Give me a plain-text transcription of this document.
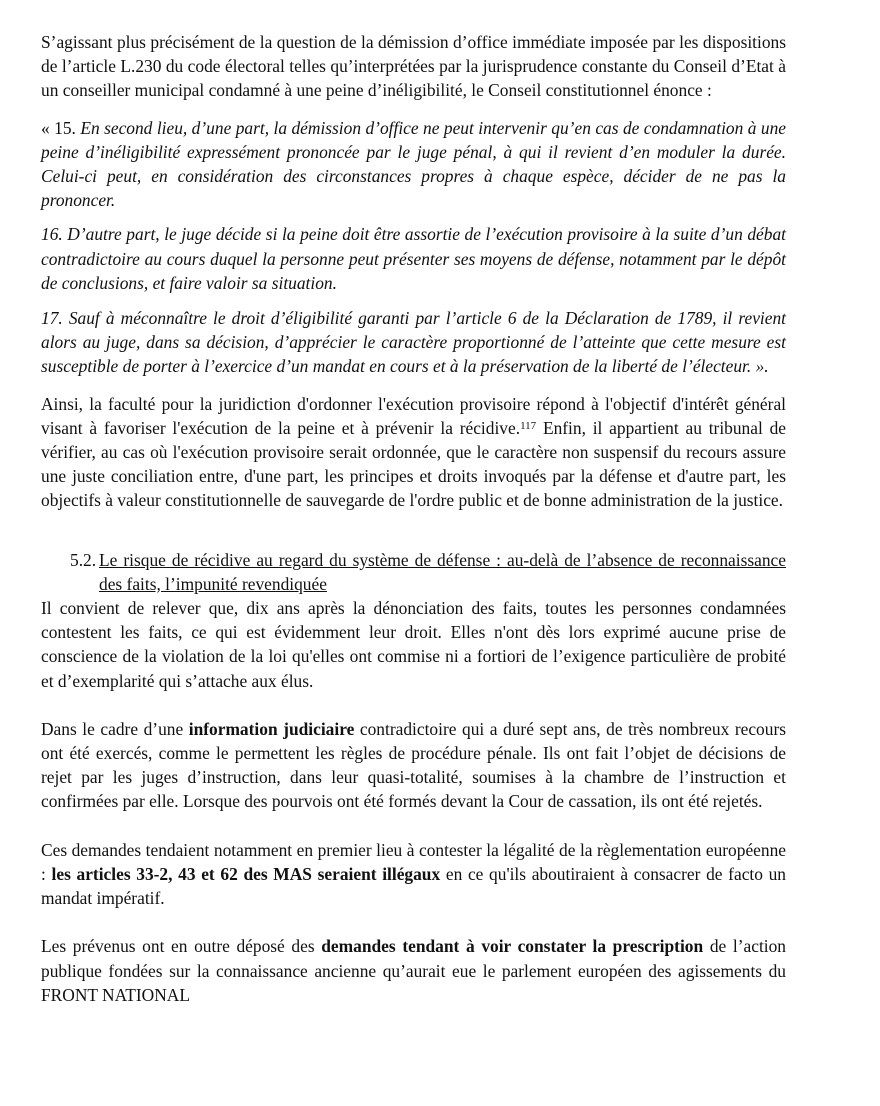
S’agissant plus précisément de la question de la démission d’office immédiate imposée par les dispositions de l’article L.230 du code électoral telles qu’interprétées par la jurisprudence constante du Conseil d’Etat à un conseiller municipal condamné à une peine d’inéligibilité, le Conseil constitutionnel énonce :

« 15. En second lieu, d’une part, la démission d’office ne peut intervenir qu’en cas de condamnation à une peine d’inéligibilité expressément prononcée par le juge pénal, à qui il revient d’en moduler la durée. Celui-ci peut, en considération des circonstances propres à chaque espèce, décider de ne pas la prononcer.

16. D’autre part, le juge décide si la peine doit être assortie de l’exécution provisoire à la suite d’un débat contradictoire au cours duquel la personne peut présenter ses moyens de défense, notamment par le dépôt de conclusions, et faire valoir sa situation.

17. Sauf à méconnaître le droit d’éligibilité garanti par l’article 6 de la Déclaration de 1789, il revient alors au juge, dans sa décision, d’apprécier le caractère proportionné de l’atteinte que cette mesure est susceptible de porter à l’exercice d’un mandat en cours et à la préservation de la liberté de l’électeur. ».

Ainsi, la faculté pour la juridiction d'ordonner l'exécution provisoire répond à l'objectif d'intérêt général visant à favoriser l'exécution de la peine et à prévenir la récidive.$^{117}$ Enfin, il appartient au tribunal de vérifier, au cas où l'exécution provisoire serait ordonnée, que le caractère non suspensif du recours assure une juste conciliation entre, d'une part, les principes et droits invoqués par la défense et d'autre part, les objectifs à valeur constitutionnelle de sauvegarde de l'ordre public et de bonne administration de la justice.

5.2. Le risque de récidive au regard du système de défense : au-delà de l’absence de reconnaissance des faits, l’impunité revendiquée

Il convient de relever que, dix ans après la dénonciation des faits, toutes les personnes condamnées contestent les faits, ce qui est évidemment leur droit. Elles n'ont dès lors exprimé aucune prise de conscience de la violation de la loi qu'elles ont commise ni a fortiori de l’exigence particulière de probité et d’exemplarité qui s’attache aux élus.

Dans le cadre d’une information judiciaire contradictoire qui a duré sept ans, de très nombreux recours ont été exercés, comme le permettent les règles de procédure pénale. Ils ont fait l’objet de décisions de rejet par les juges d’instruction, dans leur quasi-totalité, soumises à la chambre de l’instruction et confirmées par elle. Lorsque des pourvois ont été formés devant la Cour de cassation, ils ont été rejetés.

Ces demandes tendaient notamment en premier lieu à contester la légalité de la règlementation européenne : les articles 33-2, 43 et 62 des MAS seraient illégaux en ce qu'ils aboutiraient à consacrer de facto un mandat impératif.

Les prévenus ont en outre déposé des demandes tendant à voir constater la prescription de l’action publique fondées sur la connaissance ancienne qu’aurait eue le parlement européen des agissements du FRONT NATIONAL
